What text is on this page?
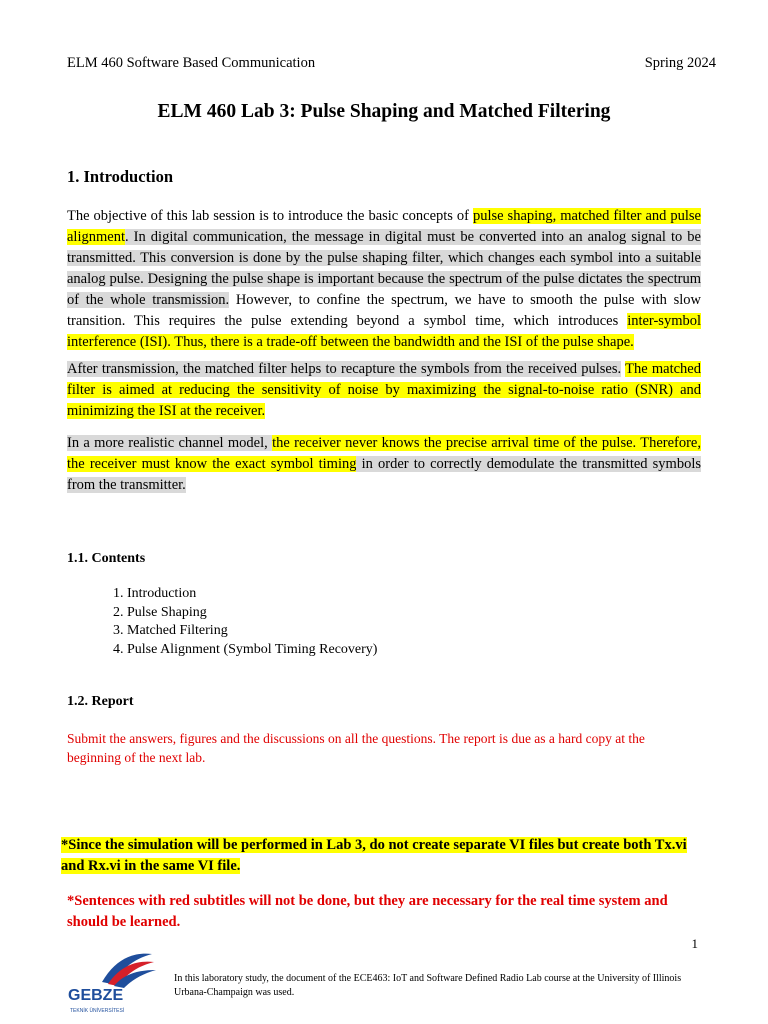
ELM 460 Software Based Communication	Spring 2024
ELM 460 Lab 3: Pulse Shaping and Matched Filtering
1. Introduction
The objective of this lab session is to introduce the basic concepts of pulse shaping, matched filter and pulse alignment. In digital communication, the message in digital must be converted into an analog signal to be transmitted. This conversion is done by the pulse shaping filter, which changes each symbol into a suitable analog pulse. Designing the pulse shape is important because the spectrum of the pulse dictates the spectrum of the whole transmission. However, to confine the spectrum, we have to smooth the pulse with slow transition. This requires the pulse extending beyond a symbol time, which introduces inter-symbol interference (ISI). Thus, there is a trade-off between the bandwidth and the ISI of the pulse shape.
After transmission, the matched filter helps to recapture the symbols from the received pulses. The matched filter is aimed at reducing the sensitivity of noise by maximizing the signal-to-noise ratio (SNR) and minimizing the ISI at the receiver.
In a more realistic channel model, the receiver never knows the precise arrival time of the pulse. Therefore, the receiver must know the exact symbol timing in order to correctly demodulate the transmitted symbols from the transmitter.
1.1. Contents
1. Introduction
2. Pulse Shaping
3. Matched Filtering
4. Pulse Alignment (Symbol Timing Recovery)
1.2. Report
Submit the answers, figures and the discussions on all the questions. The report is due as a hard copy at the beginning of the next lab.
*Since the simulation will be performed in Lab 3, do not create separate VI files but create both Tx.vi and Rx.vi in the same VI file.
*Sentences with red subtitles will not be done, but they are necessary for the real time system and should be learned.
1
GEBZE
TEKNİK ÜNİVERSİTESİ
In this laboratory study, the document of the ECE463: IoT and Software Defined Radio Lab course at the University of Illinois Urbana-Champaign was used.
